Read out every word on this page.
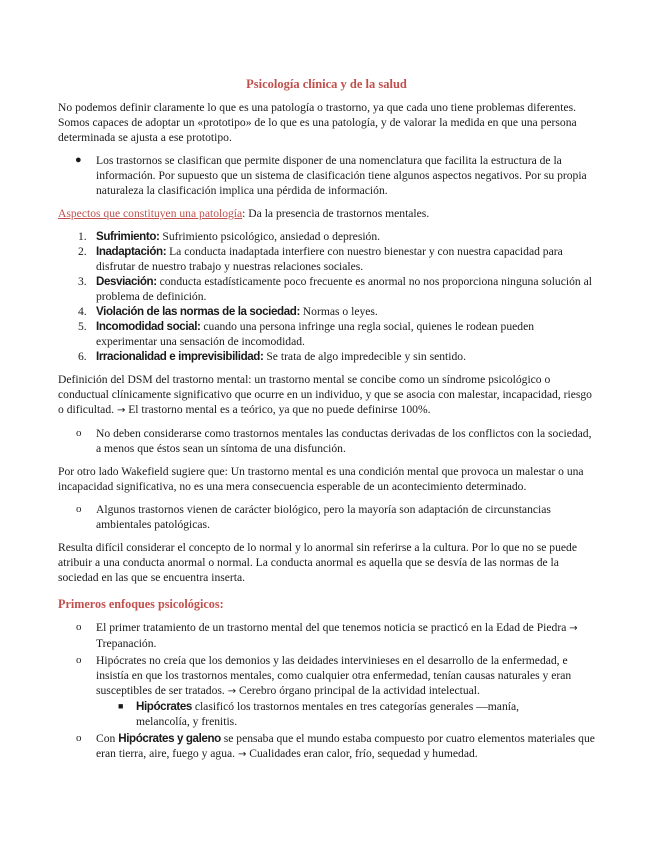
Psicología clínica y de la salud

No podemos definir claramente lo que es una patología o trastorno, ya que cada uno tiene problemas diferentes. Somos capaces de adoptar un «prototipo» de lo que es una patología, y de valorar la medida en que una persona determinada se ajusta a ese prototipo.

● Los trastornos se clasifican que permite disponer de una nomenclatura que facilita la estructura de la información. Por supuesto que un sistema de clasificación tiene algunos aspectos negativos. Por su propia naturaleza la clasificación implica una pérdida de información.

Aspectos que constituyen una patología: Da la presencia de trastornos mentales.

1. Sufrimiento: Sufrimiento psicológico, ansiedad o depresión.
2. Inadaptación: La conducta inadaptada interfiere con nuestro bienestar y con nuestra capacidad para disfrutar de nuestro trabajo y nuestras relaciones sociales.
3. Desviación: conducta estadísticamente poco frecuente es anormal no nos proporciona ninguna solución al problema de definición.
4. Violación de las normas de la sociedad: Normas o leyes.
5. Incomodidad social: cuando una persona infringe una regla social, quienes le rodean pueden experimentar una sensación de incomodidad.
6. Irracionalidad e imprevisibilidad: Se trata de algo impredecible y sin sentido.

Definición del DSM del trastorno mental: un trastorno mental se concibe como un síndrome psicológico o conductual clínicamente significativo que ocurre en un individuo, y que se asocia con malestar, incapacidad, riesgo o dificultad. → El trastorno mental es a teórico, ya que no puede definirse 100%.

o No deben considerarse como trastornos mentales las conductas derivadas de los conflictos con la sociedad, a menos que éstos sean un síntoma de una disfunción.

Por otro lado Wakefield sugiere que: Un trastorno mental es una condición mental que provoca un malestar o una incapacidad significativa, no es una mera consecuencia esperable de un acontecimiento determinado.

o Algunos trastornos vienen de carácter biológico, pero la mayoría son adaptación de circunstancias ambientales patológicas.

Resulta difícil considerar el concepto de lo normal y lo anormal sin referirse a la cultura. Por lo que no se puede atribuir a una conducta anormal o normal. La conducta anormal es aquella que se desvía de las normas de la sociedad en las que se encuentra inserta.

Primeros enfoques psicológicos:
o El primer tratamiento de un trastorno mental del que tenemos noticia se practicó en la Edad de Piedra → Trepanación.
o Hipócrates no creía que los demonios y las deidades intervinieses en el desarrollo de la enfermedad, e insistía en que los trastornos mentales, como cualquier otra enfermedad, tenían causas naturales y eran susceptibles de ser tratados. → Cerebro órgano principal de la actividad intelectual.
■ Hipócrates clasificó los trastornos mentales en tres categorías generales —manía, melancolía, y frenitis.
o Con Hipócrates y galeno se pensaba que el mundo estaba compuesto por cuatro elementos materiales que eran tierra, aire, fuego y agua. → Cualidades eran calor, frío, sequedad y humedad.
